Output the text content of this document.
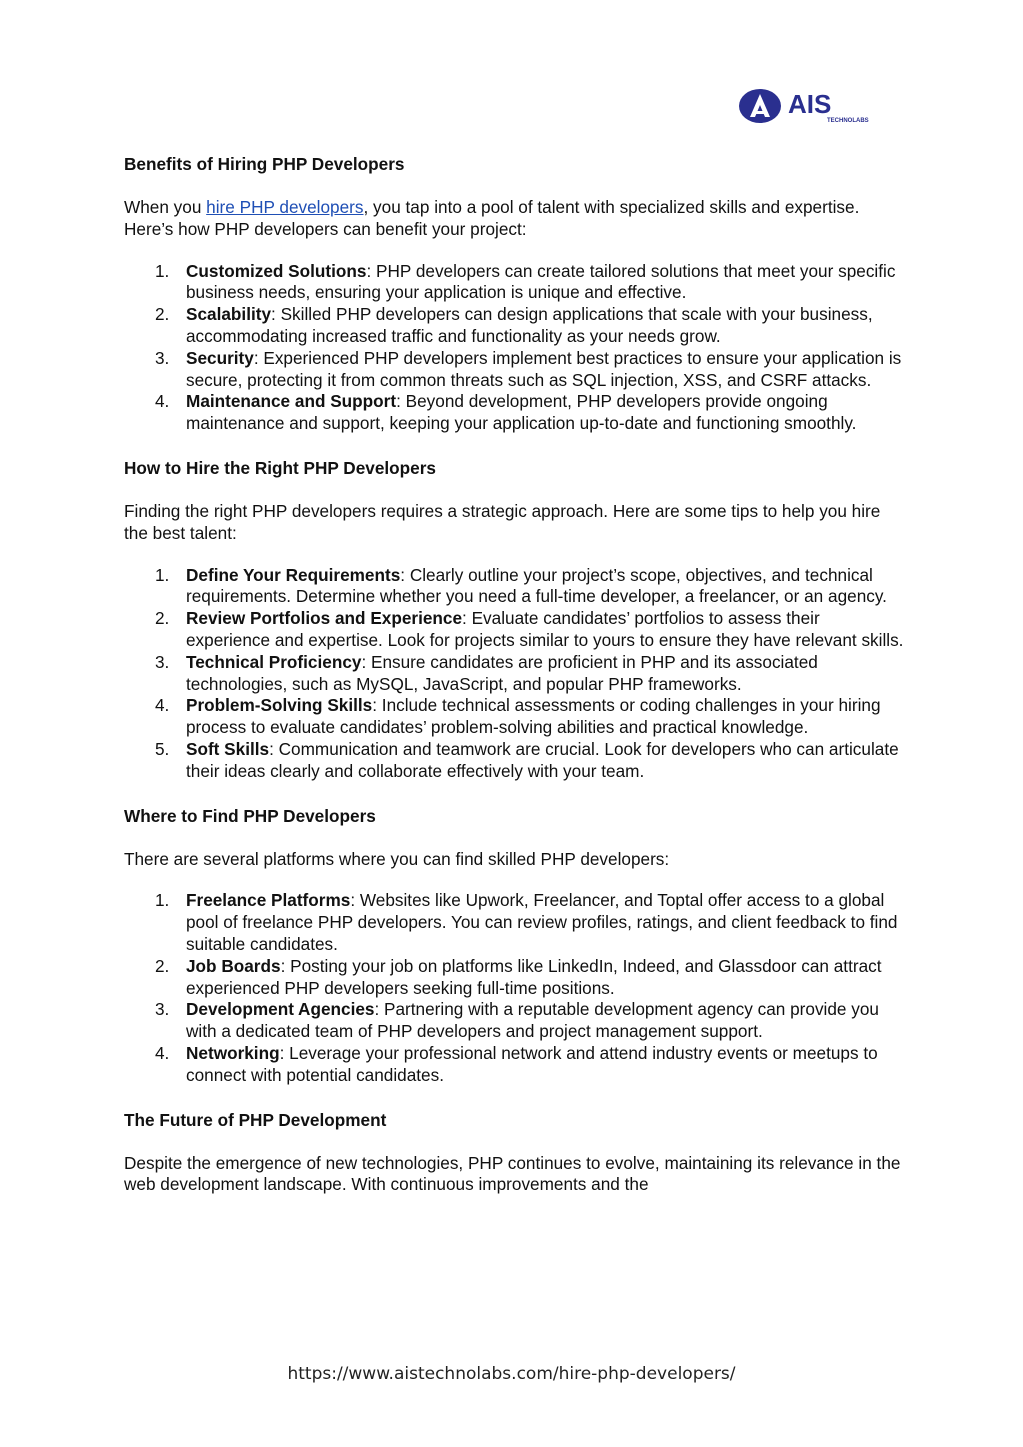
AIS
TECHNOLABS
Benefits of Hiring PHP Developers

When you hire PHP developers, you tap into a pool of talent with specialized skills and expertise. Here’s how PHP developers can benefit your project:

1. Customized Solutions: PHP developers can create tailored solutions that meet your specific business needs, ensuring your application is unique and effective.
2. Scalability: Skilled PHP developers can design applications that scale with your business, accommodating increased traffic and functionality as your needs grow.
3. Security: Experienced PHP developers implement best practices to ensure your application is secure, protecting it from common threats such as SQL injection, XSS, and CSRF attacks.
4. Maintenance and Support: Beyond development, PHP developers provide ongoing maintenance and support, keeping your application up-to-date and functioning smoothly.
How to Hire the Right PHP Developers

Finding the right PHP developers requires a strategic approach. Here are some tips to help you hire the best talent:

1. Define Your Requirements: Clearly outline your project’s scope, objectives, and technical requirements. Determine whether you need a full-time developer, a freelancer, or an agency.
2. Review Portfolios and Experience: Evaluate candidates’ portfolios to assess their experience and expertise. Look for projects similar to yours to ensure they have relevant skills.
3. Technical Proficiency: Ensure candidates are proficient in PHP and its associated technologies, such as MySQL, JavaScript, and popular PHP frameworks.
4. Problem-Solving Skills: Include technical assessments or coding challenges in your hiring process to evaluate candidates’ problem-solving abilities and practical knowledge.
5. Soft Skills: Communication and teamwork are crucial. Look for developers who can articulate their ideas clearly and collaborate effectively with your team.
Where to Find PHP Developers

There are several platforms where you can find skilled PHP developers:

1. Freelance Platforms: Websites like Upwork, Freelancer, and Toptal offer access to a global pool of freelance PHP developers. You can review profiles, ratings, and client feedback to find suitable candidates.
2. Job Boards: Posting your job on platforms like LinkedIn, Indeed, and Glassdoor can attract experienced PHP developers seeking full-time positions.
3. Development Agencies: Partnering with a reputable development agency can provide you with a dedicated team of PHP developers and project management support.
4. Networking: Leverage your professional network and attend industry events or meetups to connect with potential candidates.
The Future of PHP Development

Despite the emergence of new technologies, PHP continues to evolve, maintaining its relevance in the web development landscape. With continuous improvements and the

https://www.aistechnolabs.com/hire-php-developers/
